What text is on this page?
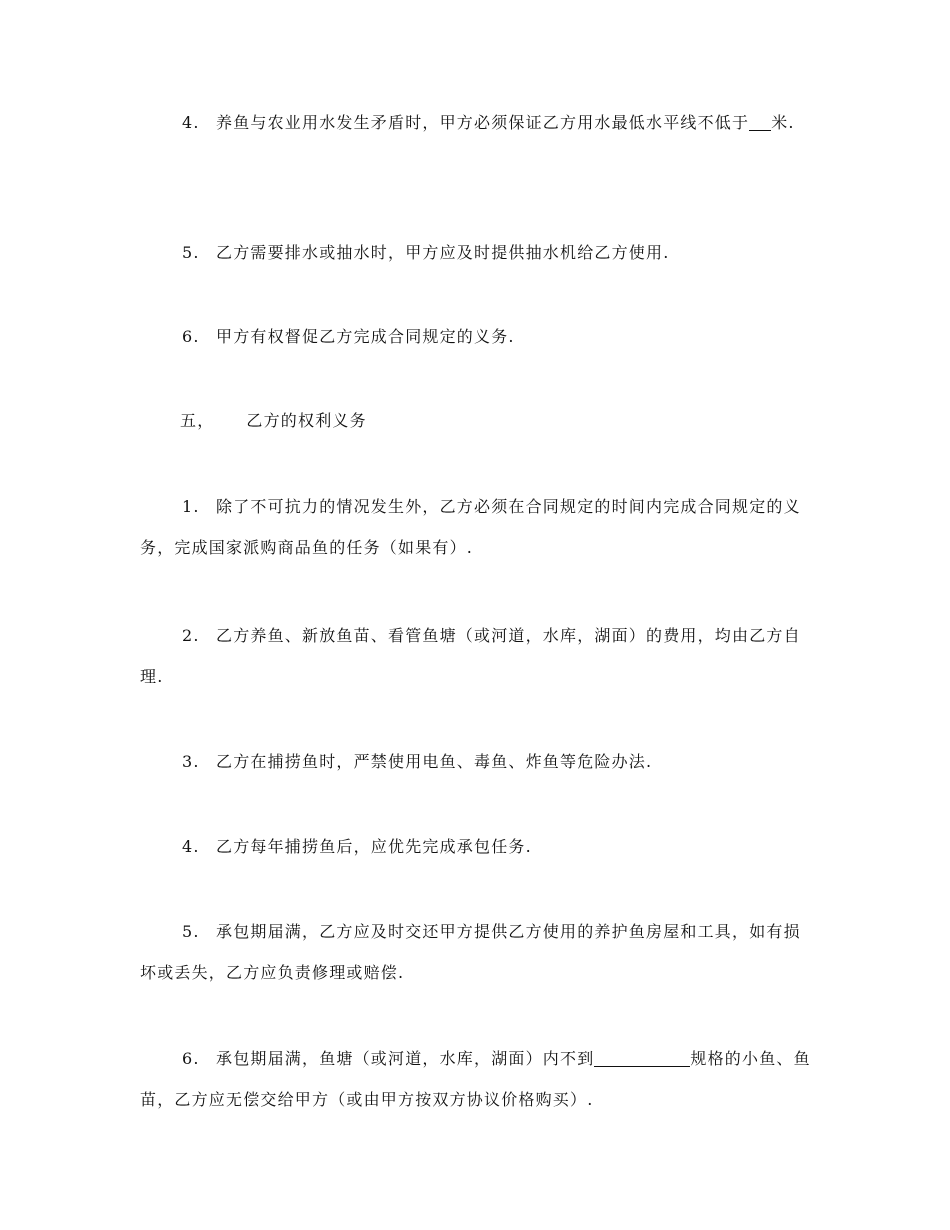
4. 养鱼与农业用水发生矛盾时，甲方必须保证乙方用水最低水平线不低于 米.

5. 乙方需要排水或抽水时，甲方应及时提供抽水机给乙方使用.

6. 甲方有权督促乙方完成合同规定的义务.

五， 乙方的权利义务

1. 除了不可抗力的情况发生外，乙方必须在合同规定的时间内完成合同规定的义务，完成国家派购商品鱼的任务（如果有）.

2. 乙方养鱼、新放鱼苗、看管鱼塘（或河道，水库，湖面）的费用，均由乙方自理.

3. 乙方在捕捞鱼时，严禁使用电鱼、毒鱼、炸鱼等危险办法.

4. 乙方每年捕捞鱼后，应优先完成承包任务.

5. 承包期届满，乙方应及时交还甲方提供乙方使用的养护鱼房屋和工具，如有损坏或丢失，乙方应负责修理或赔偿.

6. 承包期届满，鱼塘（或河道，水库，湖面）内不到	规格的小鱼、鱼苗，乙方应无偿交给甲方（或由甲方按双方协议价格购买）.
